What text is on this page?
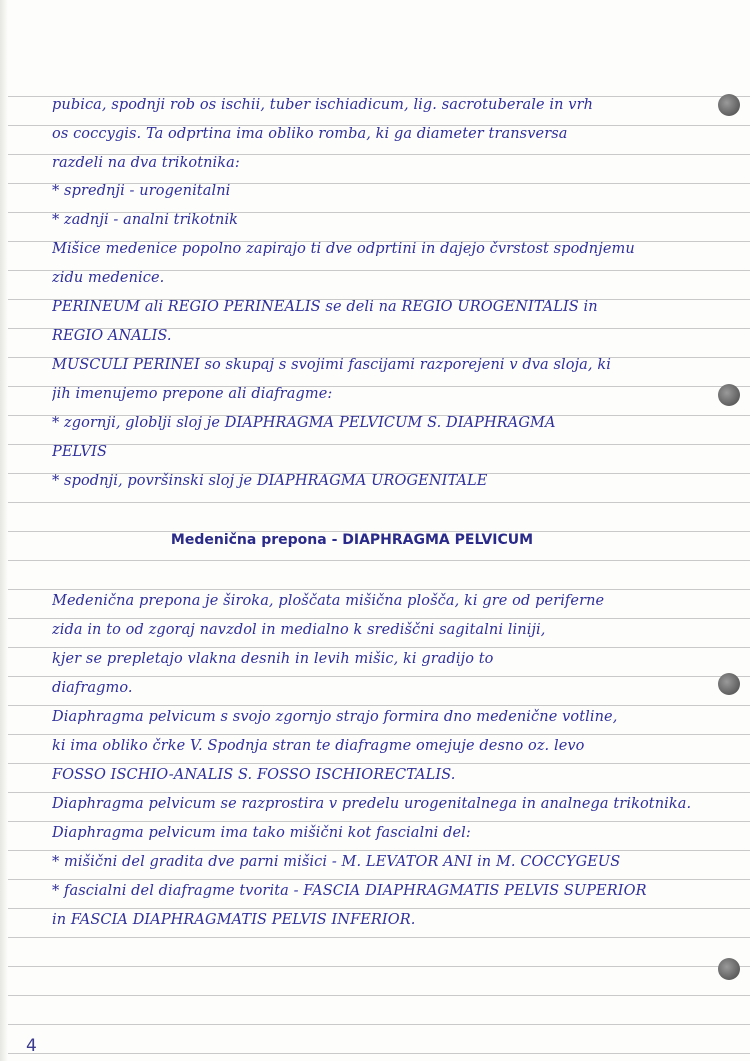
pubica, spodnji rob os ischii, tuber ischiadicum, lig. sacrotuberale in vrh
os coccygis. Ta odprtina ima obliko romba, ki ga diameter transversa
razdeli na dva trikotnika:
* sprednji - urogenitalni
* zadnji - analni trikotnik
Mišice medenice popolno zapirajo ti dve odprtini in dajejo čvrstost spodnjemu
zidu medenice.
PERINEUM ali REGIO PERINEALIS se deli na REGIO UROGENITALIS in
REGIO ANALIS.
MUSCULI PERINEI so skupaj s svojimi fascijami razporejeni v dva sloja, ki
jih imenujemo prepone ali diafragme:
* zgornji, globlji sloj je DIAPHRAGMA PELVICUM S. DIAPHRAGMA
PELVIS
* spodnji, površinski sloj je DIAPHRAGMA UROGENITALE
Medenična prepona - DIAPHRAGMA PELVICUM
Medenična prepona je široka, ploščata mišična plošča, ki gre od periferne
zida in to od zgoraj navzdol in medialno k središčni sagitalni liniji,
kjer se prepletajo vlakna desnih in levih mišic, ki gradijo to
diafragmo.
Diaphragma pelvicum s svojo zgornjo strajo formira dno medenične votline,
ki ima obliko črke V. Spodnja stran te diafragme omejuje desno oz. levo
FOSSO ISCHIO-ANALIS S. FOSSO ISCHIORECTALIS.
Diaphragma pelvicum se razprostira v predelu urogenitalnega in analnega trikotnika.
Diaphragma pelvicum ima tako mišični kot fascialni del:
* mišični del gradita dve parni mišici - M. LEVATOR ANI in M. COCCYGEUS
* fascialni del diafragme tvorita - FASCIA DIAPHRAGMATIS PELVIS SUPERIOR
in FASCIA DIAPHRAGMATIS PELVIS INFERIOR.
4
